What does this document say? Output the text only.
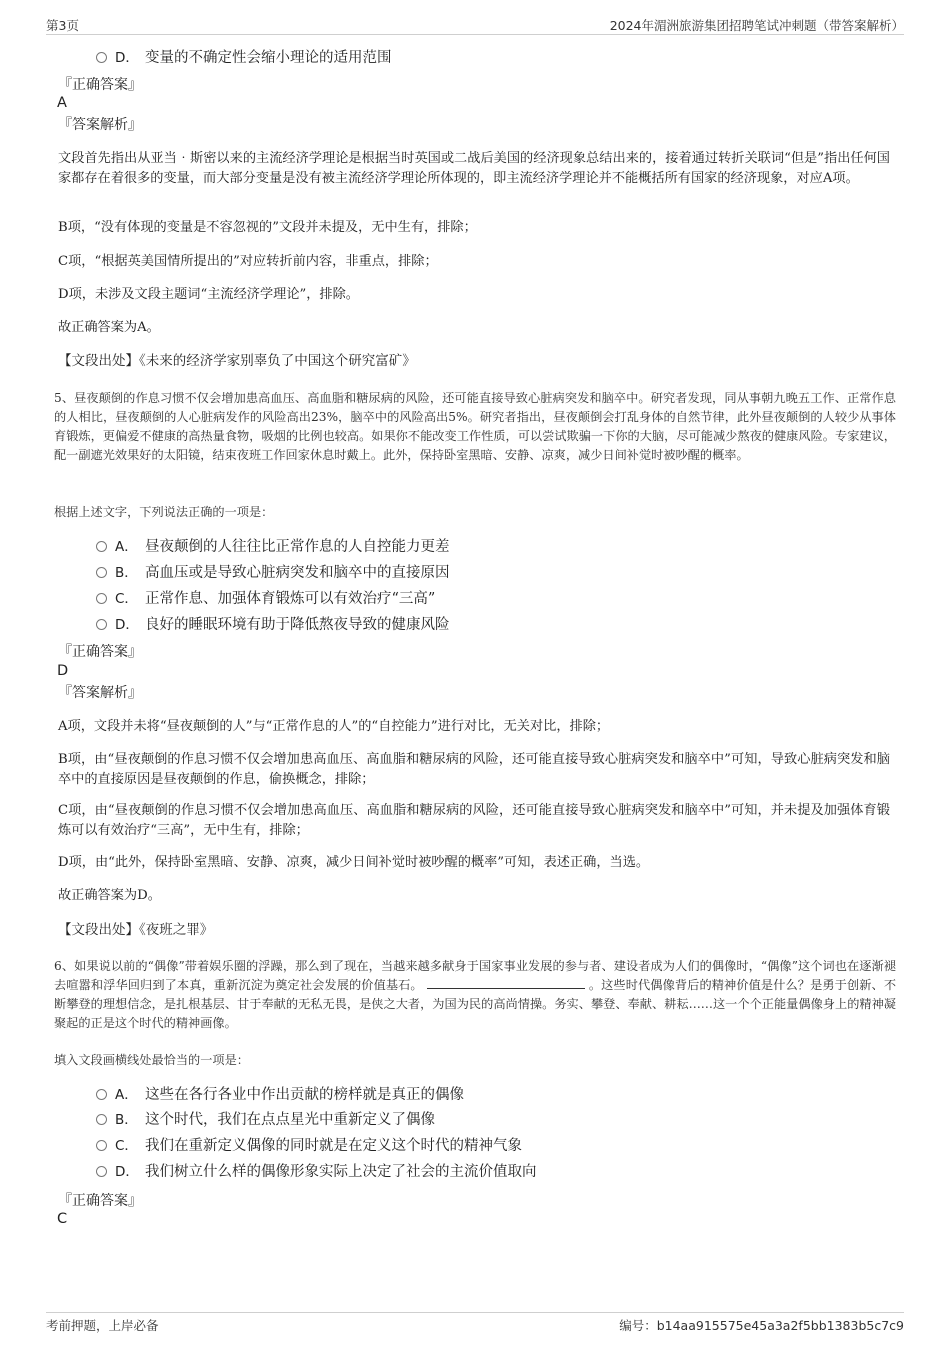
第3页	2024年湄洲旅游集团招聘笔试冲刺题（带答案解析）
D． 变量的不确定性会缩小理论的适用范围
『正确答案』
A
『答案解析』
文段首先指出从亚当‧斯密以来的主流经济学理论是根据当时英国或二战后美国的经济现象总结出来的，接着通过转折关联词“但是”指出任何国家都存在着很多的变量，而大部分变量是没有被主流经济学理论所体现的，即主流经济学理论并不能概括所有国家的经济现象，对应A项。
B项，“没有体现的变量是不容忽视的”文段并未提及，无中生有，排除；
C项，“根据英美国情所提出的”对应转折前内容，非重点，排除；
D项，未涉及文段主题词“主流经济学理论”，排除。
故正确答案为A。
【文段出处】《未来的经济学家别辜负了中国这个研究富矿》
5、昼夜颠倒的作息习惯不仅会增加患高血压、高血脂和糖尿病的风险，还可能直接导致心脏病突发和脑卒中。研究者发现，同从事朝九晚五工作、正常作息的人相比，昼夜颠倒的人心脏病发作的风险高出23%，脑卒中的风险高出5%。研究者指出，昼夜颠倒会打乱身体的自然节律，此外昼夜颠倒的人较少从事体育锻炼，更偏爱不健康的高热量食物，吸烟的比例也较高。如果你不能改变工作性质，可以尝试欺骗一下你的大脑，尽可能减少熬夜的健康风险。专家建议，配一副遮光效果好的太阳镜，结束夜班工作回家休息时戴上。此外，保持卧室黑暗、安静、凉爽，减少日间补觉时被吵醒的概率。
根据上述文字，下列说法正确的一项是：
A． 昼夜颠倒的人往往比正常作息的人自控能力更差
B． 高血压或是导致心脏病突发和脑卒中的直接原因
C． 正常作息、加强体育锻炼可以有效治疗“三高”
D． 良好的睡眠环境有助于降低熬夜导致的健康风险
『正确答案』
D
『答案解析』
A项，文段并未将“昼夜颠倒的人”与“正常作息的人”的“自控能力”进行对比，无关对比，排除；
B项，由“昼夜颠倒的作息习惯不仅会增加患高血压、高血脂和糖尿病的风险，还可能直接导致心脏病突发和脑卒中”可知，导致心脏病突发和脑卒中的直接原因是昼夜颠倒的作息，偷换概念，排除；
C项，由“昼夜颠倒的作息习惯不仅会增加患高血压、高血脂和糖尿病的风险，还可能直接导致心脏病突发和脑卒中”可知，并未提及加强体育锻炼可以有效治疗“三高”，无中生有，排除；
D项，由“此外，保持卧室黑暗、安静、凉爽，减少日间补觉时被吵醒的概率”可知，表述正确，当选。
故正确答案为D。
【文段出处】《夜班之罪》
6、如果说以前的“偶像”带着娱乐圈的浮躁，那么到了现在，当越来越多献身于国家事业发展的参与者、建设者成为人们的偶像时，“偶像”这个词也在逐渐褪去喧嚣和浮华回归到了本真，重新沉淀为奠定社会发展的价值基石。	。这些时代偶像背后的精神价值是什么？是勇于创新、不断攀登的理想信念，是扎根基层、甘于奉献的无私无畏，是侠之大者，为国为民的高尚情操。务实、攀登、奉献、耕耘……这一个个正能量偶像身上的精神凝聚起的正是这个时代的精神画像。
填入文段画横线处最恰当的一项是：
A． 这些在各行各业中作出贡献的榜样就是真正的偶像
B． 这个时代，我们在点点星光中重新定义了偶像
C． 我们在重新定义偶像的同时就是在定义这个时代的精神气象
D． 我们树立什么样的偶像形象实际上决定了社会的主流价值取向
『正确答案』
C
考前押题，上岸必备	编号：b14aa915575e45a3a2f5bb1383b5c7c9
